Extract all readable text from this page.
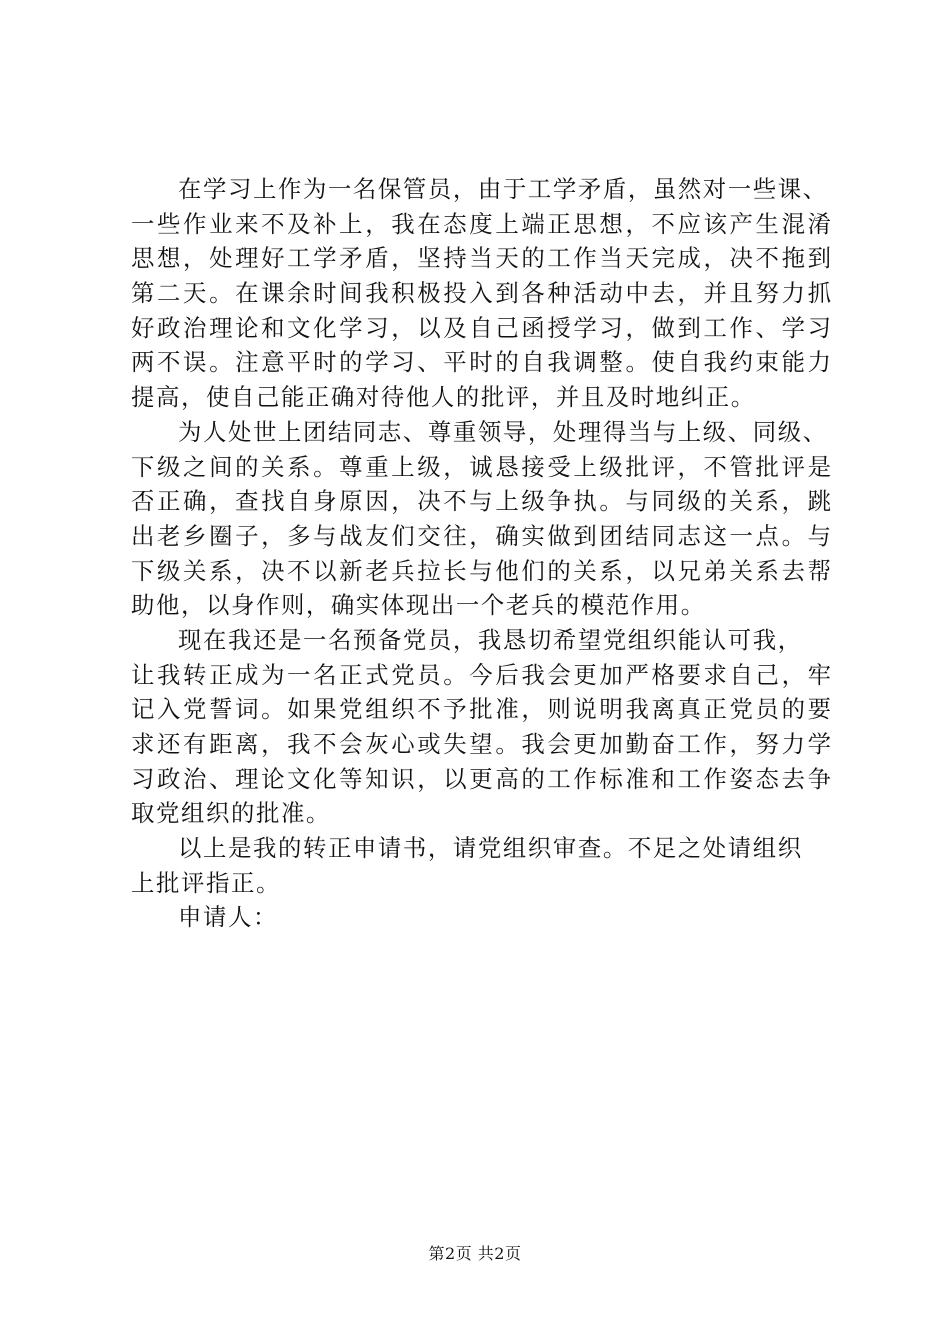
在学习上作为一名保管员，由于工学矛盾，虽然对一些课、
一些作业来不及补上，我在态度上端正思想，不应该产生混淆
思想，处理好工学矛盾，坚持当天的工作当天完成，决不拖到
第二天。在课余时间我积极投入到各种活动中去，并且努力抓
好政治理论和文化学习，以及自己函授学习，做到工作、学习
两不误。注意平时的学习、平时的自我调整。使自我约束能力
提高，使自己能正确对待他人的批评，并且及时地纠正。
为人处世上团结同志、尊重领导，处理得当与上级、同级、
下级之间的关系。尊重上级，诚恳接受上级批评，不管批评是
否正确，查找自身原因，决不与上级争执。与同级的关系，跳
出老乡圈子，多与战友们交往，确实做到团结同志这一点。与
下级关系，决不以新老兵拉长与他们的关系，以兄弟关系去帮
助他，以身作则，确实体现出一个老兵的模范作用。
现在我还是一名预备党员，我恳切希望党组织能认可我，
让我转正成为一名正式党员。今后我会更加严格要求自己，牢
记入党誓词。如果党组织不予批准，则说明我离真正党员的要
求还有距离，我不会灰心或失望。我会更加勤奋工作，努力学
习政治、理论文化等知识，以更高的工作标准和工作姿态去争
取党组织的批准。
以上是我的转正申请书，请党组织审查。不足之处请组织
上批评指正。
申请人：
第2页 共2页
